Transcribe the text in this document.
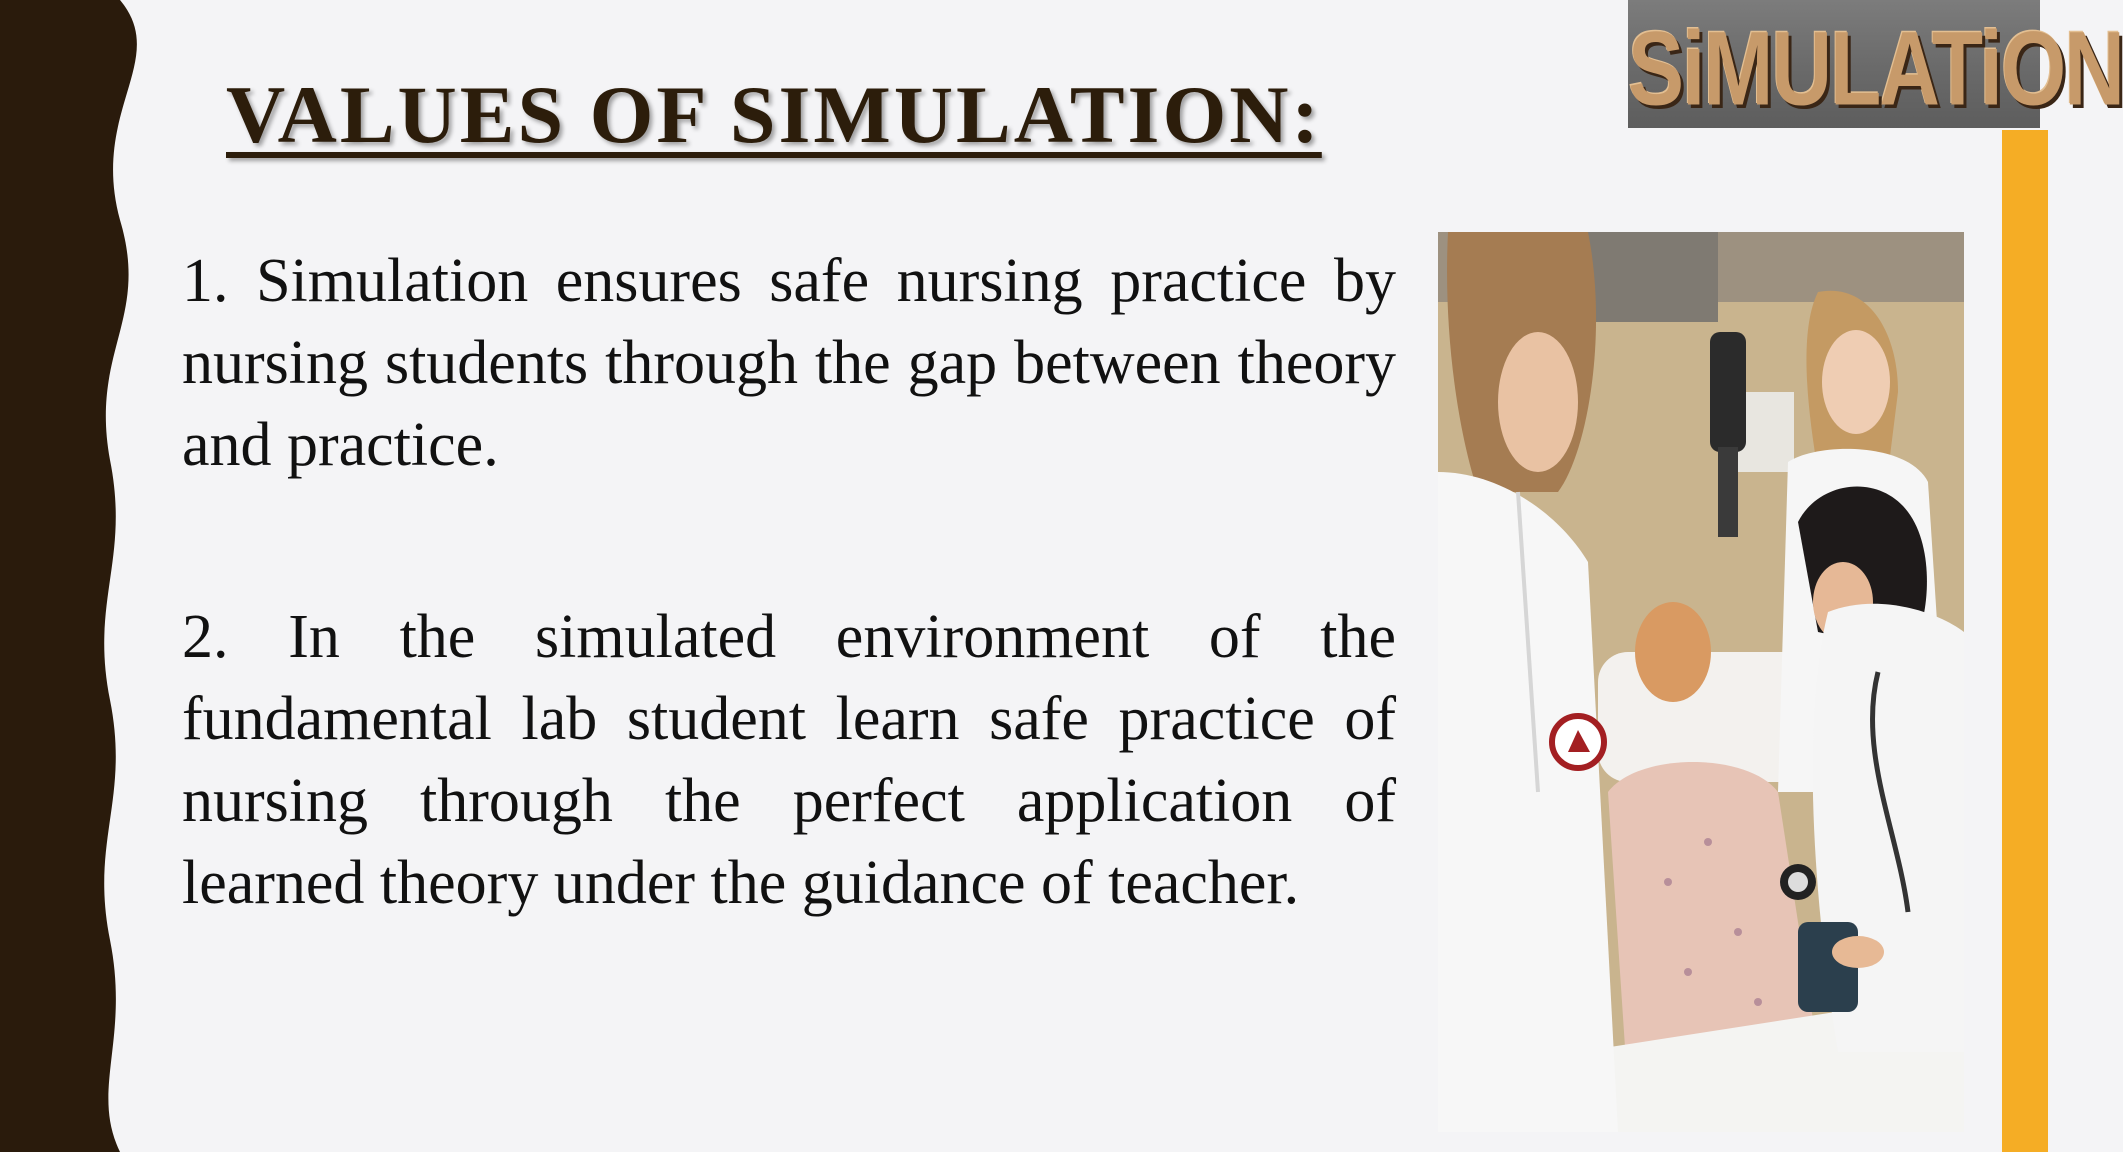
VALUES OF SIMULATION:	SiMULATiON

1. Simulation ensures safe nursing practice by nursing students through the gap between theory and practice.

2. In the simulated environment of the fundamental lab student learn safe practice of nursing through the perfect application of learned theory under the guidance of teacher.
